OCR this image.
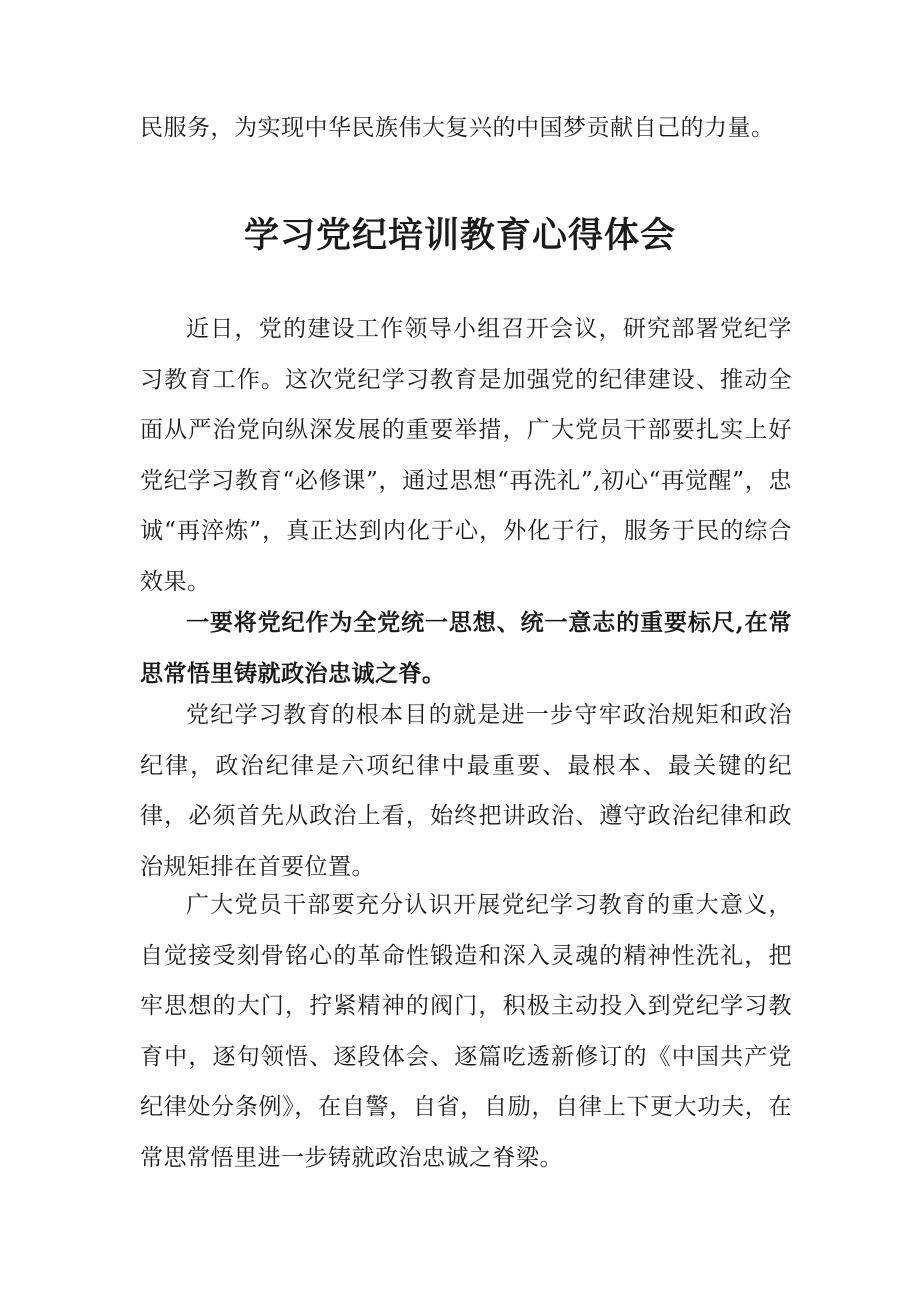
民服务，为实现中华民族伟大复兴的中国梦贡献自己的力量。

学习党纪培训教育心得体会

近日，党的建设工作领导小组召开会议，研究部署党纪学习教育工作。这次党纪学习教育是加强党的纪律建设、推动全面从严治党向纵深发展的重要举措，广大党员干部要扎实上好党纪学习教育“必修课”，通过思想“再洗礼”,初心“再觉醒”，忠诚“再淬炼”，真正达到内化于心，外化于行，服务于民的综合效果。

一要将党纪作为全党统一思想、统一意志的重要标尺,在常思常悟里铸就政治忠诚之脊。

党纪学习教育的根本目的就是进一步守牢政治规矩和政治纪律，政治纪律是六项纪律中最重要、最根本、最关键的纪律，必须首先从政治上看，始终把讲政治、遵守政治纪律和政治规矩排在首要位置。

广大党员干部要充分认识开展党纪学习教育的重大意义，自觉接受刻骨铭心的革命性锻造和深入灵魂的精神性洗礼，把牢思想的大门，拧紧精神的阀门，积极主动投入到党纪学习教育中，逐句领悟、逐段体会、逐篇吃透新修订的《中国共产党纪律处分条例》，在自警，自省，自励，自律上下更大功夫，在常思常悟里进一步铸就政治忠诚之脊梁。
